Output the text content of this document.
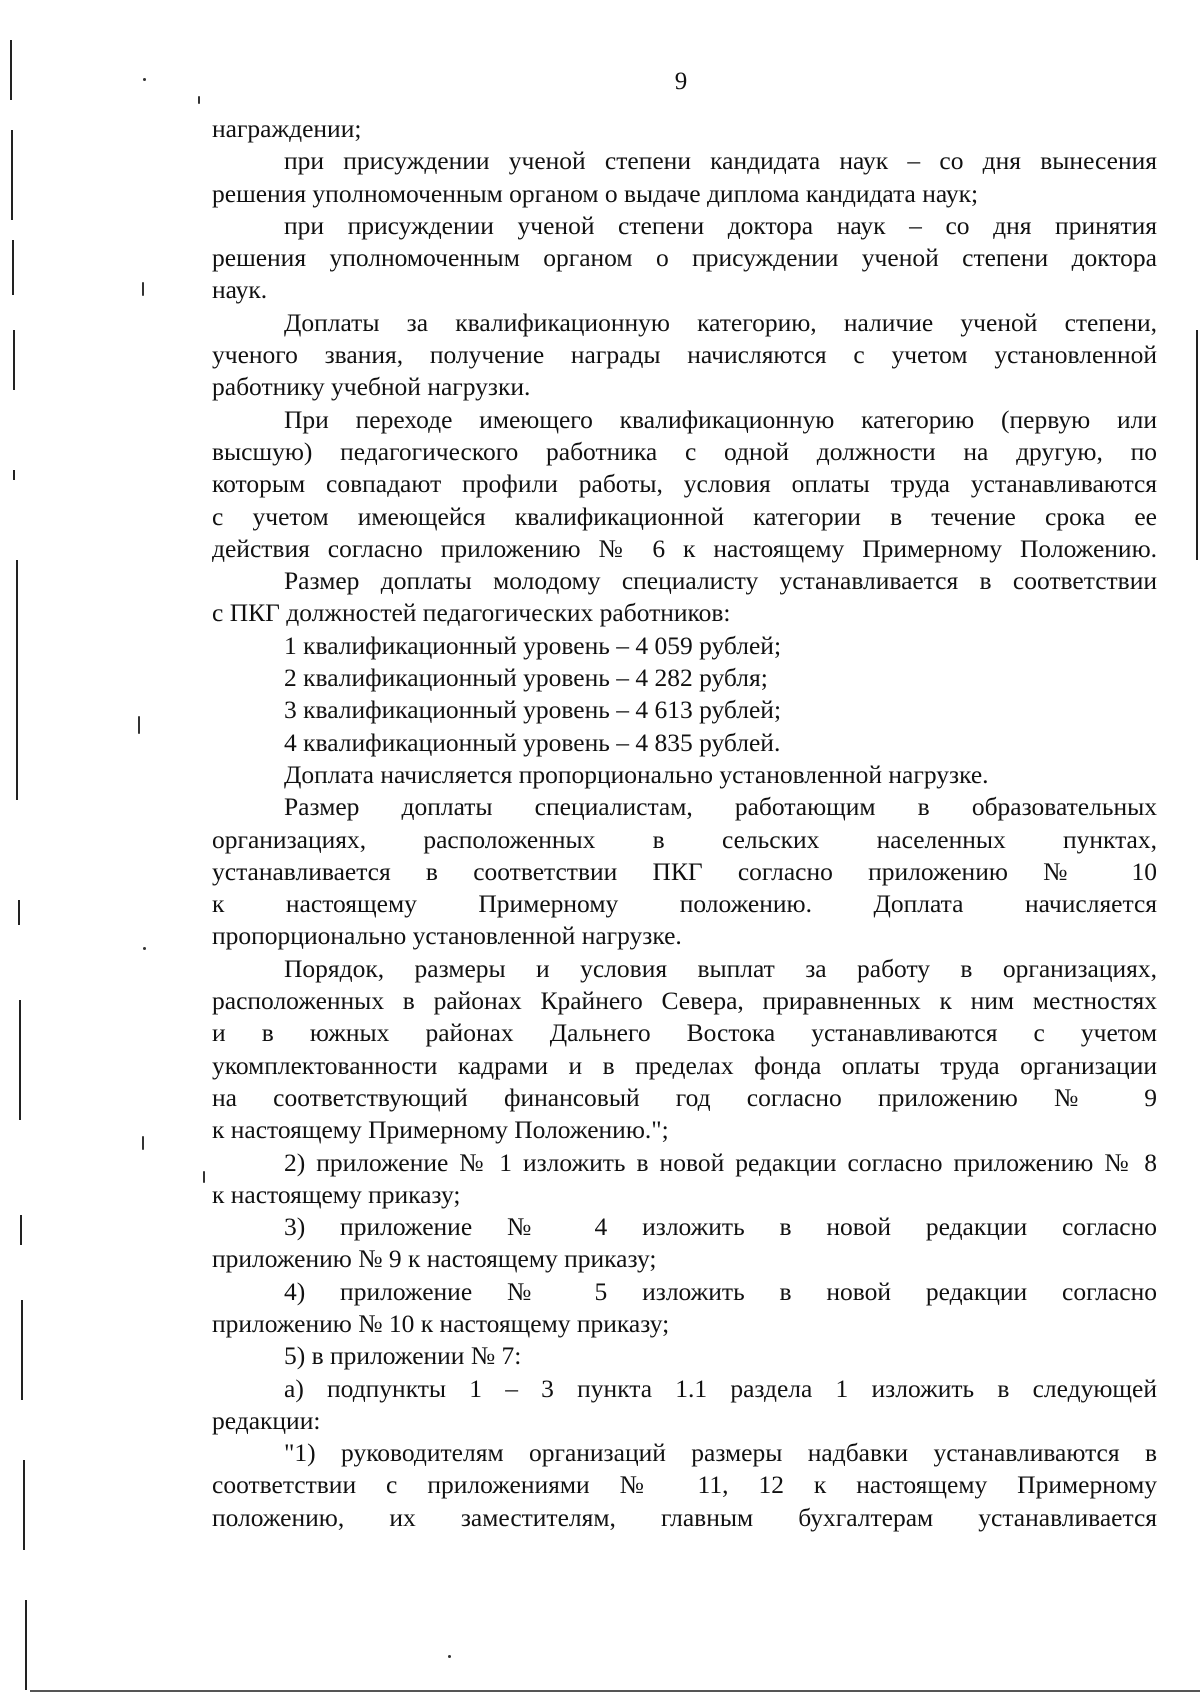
9
награждении;
при присуждении ученой степени кандидата наук – со дня вынесения
решения уполномоченным органом о выдаче диплома кандидата наук;
при присуждении ученой степени доктора наук – со дня принятия
решения уполномоченным органом о присуждении ученой степени доктора
наук.
Доплаты за квалификационную категорию, наличие ученой степени,
ученого звания, получение награды начисляются с учетом установленной
работнику учебной нагрузки.
При переходе имеющего квалификационную категорию (первую или
высшую) педагогического работника с одной должности на другую, по
которым совпадают профили работы, условия оплаты труда устанавливаются
с учетом имеющейся квалификационной категории в течение срока ее
действия согласно приложению № 6 к настоящему Примерному Положению.
Размер доплаты молодому специалисту устанавливается в соответствии
с ПКГ должностей педагогических работников:
1 квалификационный уровень – 4 059 рублей;
2 квалификационный уровень – 4 282 рубля;
3 квалификационный уровень – 4 613 рублей;
4 квалификационный уровень – 4 835 рублей.
Доплата начисляется пропорционально установленной нагрузке.
Размер доплаты специалистам, работающим в образовательных
организациях, расположенных в сельских населенных пунктах,
устанавливается в соответствии ПКГ согласно приложению № 10
к настоящему Примерному положению. Доплата начисляется
пропорционально установленной нагрузке.
Порядок, размеры и условия выплат за работу в организациях,
расположенных в районах Крайнего Севера, приравненных к ним местностях
и в южных районах Дальнего Востока устанавливаются с учетом
укомплектованности кадрами и в пределах фонда оплаты труда организации
на соответствующий финансовый год согласно приложению № 9
к настоящему Примерному Положению.";
2) приложение № 1 изложить в новой редакции согласно приложению № 8
к настоящему приказу;
3) приложение № 4 изложить в новой редакции согласно
приложению № 9 к настоящему приказу;
4) приложение № 5 изложить в новой редакции согласно
приложению № 10 к настоящему приказу;
5) в приложении № 7:
а) подпункты 1 – 3 пункта 1.1 раздела 1 изложить в следующей
редакции:
"1) руководителям организаций размеры надбавки устанавливаются в
соответствии с приложениями № 11, 12 к настоящему Примерному
положению, их заместителям, главным бухгалтерам устанавливается
